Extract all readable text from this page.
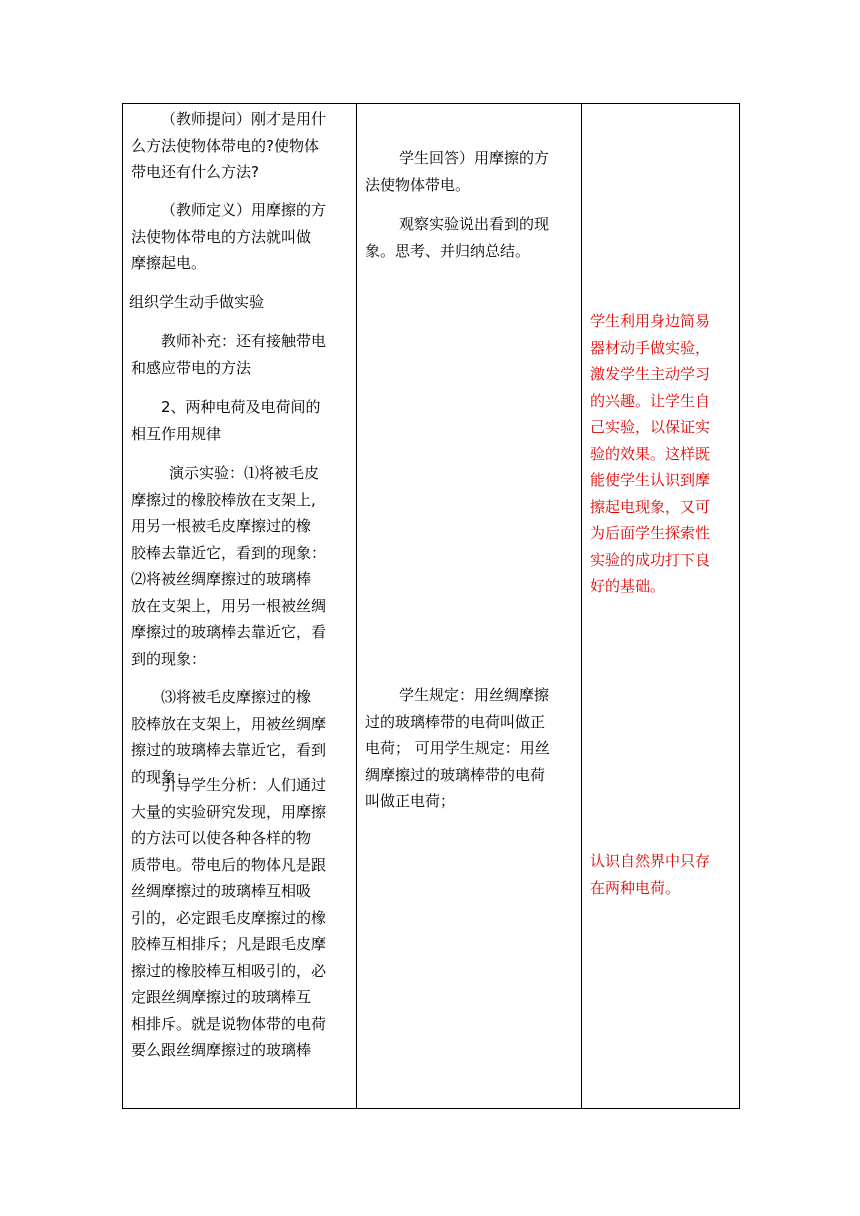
（教师提问）刚才是用什
么方法使物体带电的?使物体
带电还有什么方法?
（教师定义）用摩擦的方
法使物体带电的方法就叫做
摩擦起电。
组织学生动手做实验
教师补充：还有接触带电
和感应带电的方法
2、两种电荷及电荷间的
相互作用规律
演示实验：⑴将被毛皮
摩擦过的橡胶棒放在支架上,
用另一根被毛皮摩擦过的橡
胶棒去靠近它，看到的现象：
⑵将被丝绸摩擦过的玻璃棒
放在支架上，用另一根被丝绸
摩擦过的玻璃棒去靠近它，看
到的现象：
⑶将被毛皮摩擦过的橡
胶棒放在支架上，用被丝绸摩
擦过的玻璃棒去靠近它，看到
的现象：
引导学生分析：人们通过
大量的实验研究发现，用摩擦
的方法可以使各种各样的物
质带电。带电后的物体凡是跟
丝绸摩擦过的玻璃棒互相吸
引的，必定跟毛皮摩擦过的橡
胶棒互相排斥；凡是跟毛皮摩
擦过的橡胶棒互相吸引的，必
定跟丝绸摩擦过的玻璃棒互
相排斥。就是说物体带的电荷
要么跟丝绸摩擦过的玻璃棒

学生回答）用摩擦的方
法使物体带电。
观察实验说出看到的现
象。思考、并归纳总结。
学生规定：用丝绸摩擦
过的玻璃棒带的电荷叫做正
电荷； 可用学生规定：用丝
绸摩擦过的玻璃棒带的电荷
叫做正电荷；

学生利用身边简易
器材动手做实验，
激发学生主动学习
的兴趣。让学生自
己实验，以保证实
验的效果。这样既
能使学生认识到摩
擦起电现象，又可
为后面学生探索性
实验的成功打下良
好的基础。
认识自然界中只存
在两种电荷。
